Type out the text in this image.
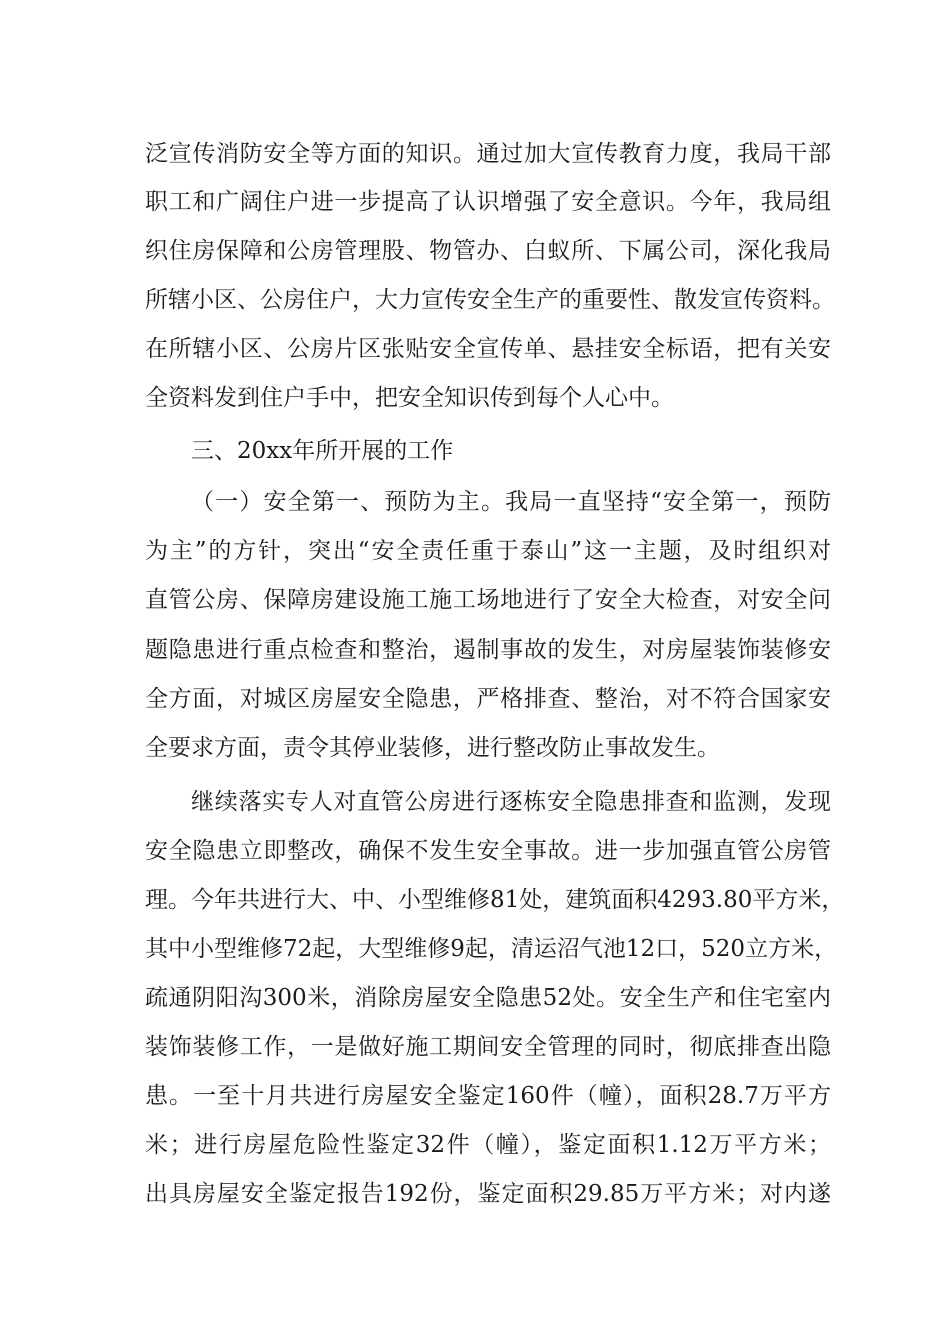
泛宣传消防安全等方面的知识。通过加大宣传教育力度，我局干部
职工和广阔住户进一步提高了认识增强了安全意识。今年，我局组
织住房保障和公房管理股、物管办、白蚁所、下属公司，深化我局
所辖小区、公房住户，大力宣传安全生产的重要性、散发宣传资料。
在所辖小区、公房片区张贴安全宣传单、悬挂安全标语，把有关安
全资料发到住户手中，把安全知识传到每个人心中。
三、20xx年所开展的工作
（一）安全第一、预防为主。我局一直坚持“安全第一，预防
为主”的方针，突出“安全责任重于泰山”这一主题，及时组织对
直管公房、保障房建设施工施工场地进行了安全大检查，对安全问
题隐患进行重点检查和整治，遏制事故的发生，对房屋装饰装修安
全方面，对城区房屋安全隐患，严格排查、整治，对不符合国家安
全要求方面，责令其停业装修，进行整改防止事故发生。
继续落实专人对直管公房进行逐栋安全隐患排查和监测，发现
安全隐患立即整改，确保不发生安全事故。进一步加强直管公房管
理。今年共进行大、中、小型维修81处，建筑面积4293.80平方米，
其中小型维修72起，大型维修9起，清运沼气池12口，520立方米，
疏通阴阳沟300米，消除房屋安全隐患52处。安全生产和住宅室内
装饰装修工作，一是做好施工期间安全管理的同时，彻底排查出隐
患。一至十月共进行房屋安全鉴定160件（幢），面积28.7万平方
米；进行房屋危险性鉴定32件（幢），鉴定面积1.12万平方米；
出具房屋安全鉴定报告192份，鉴定面积29.85万平方米；对内遂
